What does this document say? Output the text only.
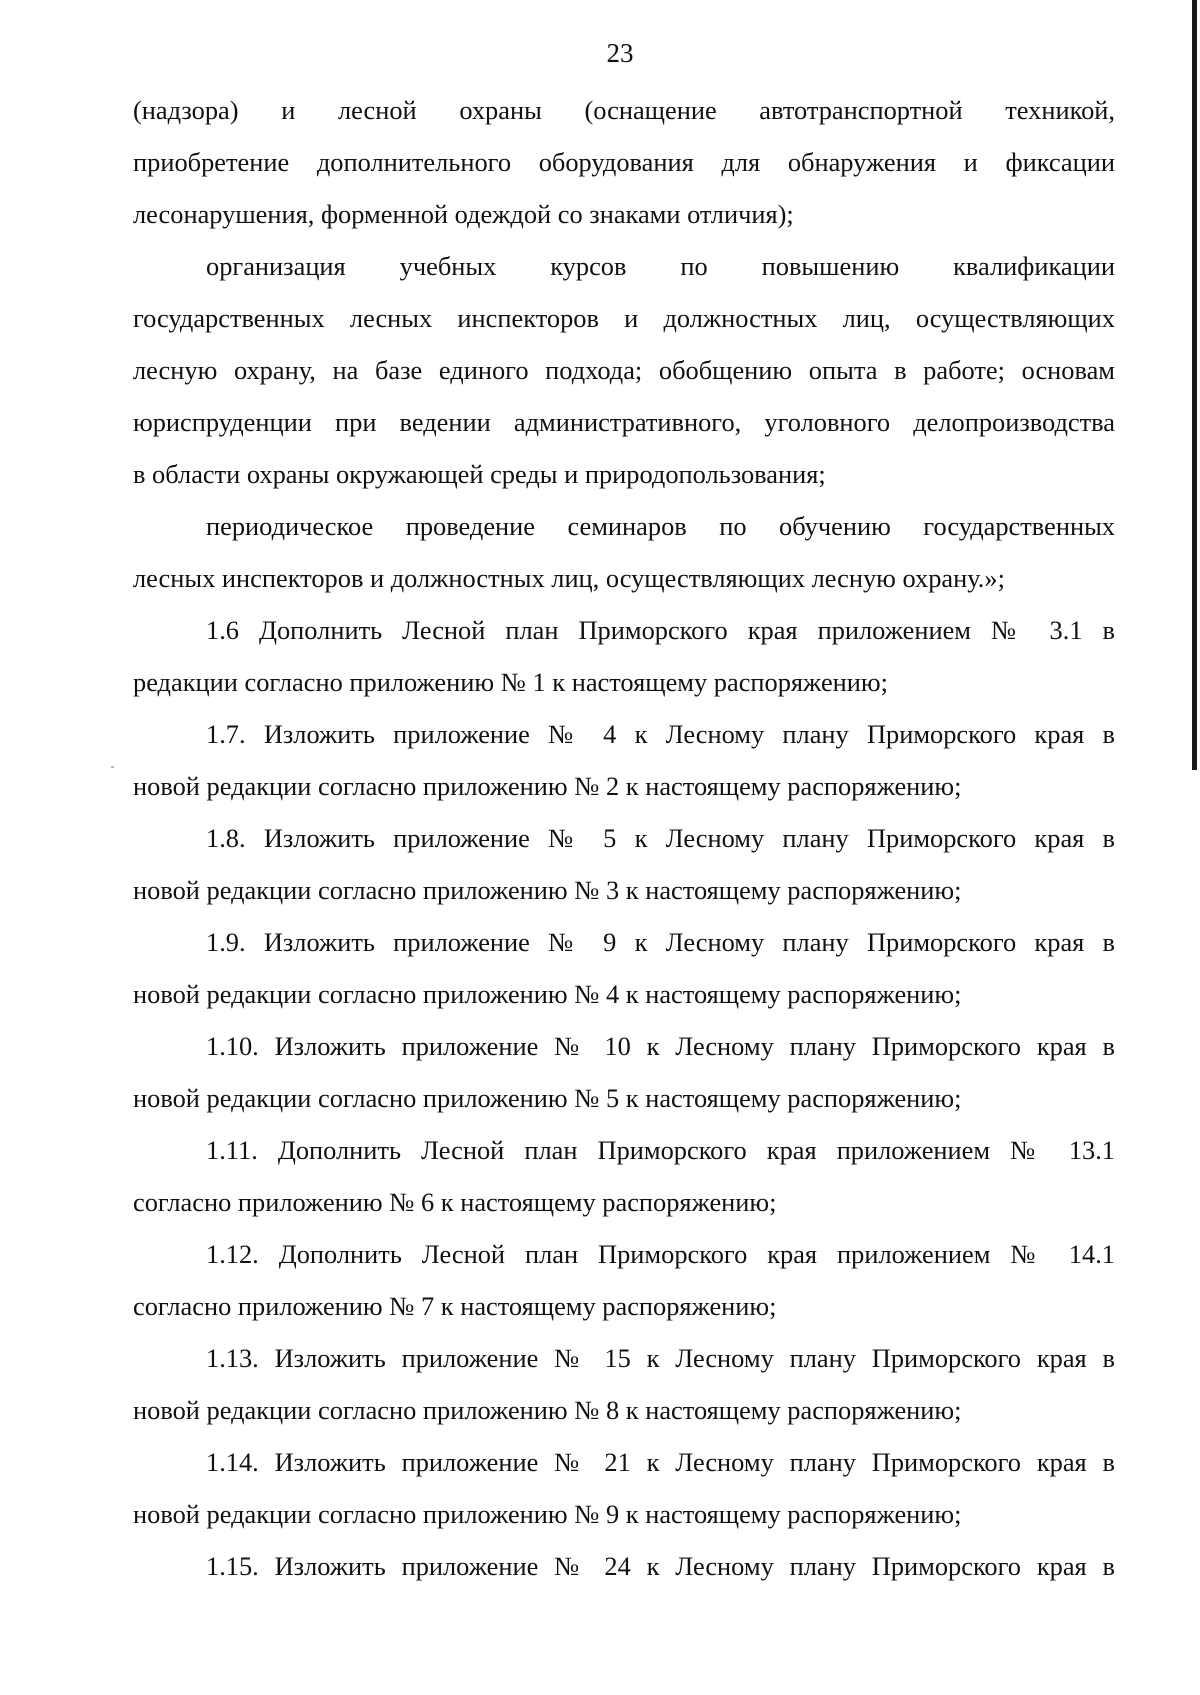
23
(надзора) и лесной охраны (оснащение автотранспортной техникой,
приобретение дополнительного оборудования для обнаружения и фиксации
лесонарушения, форменной одеждой со знаками отличия);
организация учебных курсов по повышению квалификации
государственных лесных инспекторов и должностных лиц, осуществляющих
лесную охрану, на базе единого подхода; обобщению опыта в работе; основам
юриспруденции при ведении административного, уголовного делопроизводства
в области охраны окружающей среды и природопользования;
периодическое проведение семинаров по обучению государственных
лесных инспекторов и должностных лиц, осуществляющих лесную охрану.»;
1.6 Дополнить Лесной план Приморского края приложением № 3.1 в
редакции согласно приложению № 1 к настоящему распоряжению;
1.7. Изложить приложение № 4 к Лесному плану Приморского края в
новой редакции согласно приложению № 2 к настоящему распоряжению;
1.8. Изложить приложение № 5 к Лесному плану Приморского края в
новой редакции согласно приложению № 3 к настоящему распоряжению;
1.9. Изложить приложение № 9 к Лесному плану Приморского края в
новой редакции согласно приложению № 4 к настоящему распоряжению;
1.10. Изложить приложение № 10 к Лесному плану Приморского края в
новой редакции согласно приложению № 5 к настоящему распоряжению;
1.11. Дополнить Лесной план Приморского края приложением № 13.1
согласно приложению № 6 к настоящему распоряжению;
1.12. Дополнить Лесной план Приморского края приложением № 14.1
согласно приложению № 7 к настоящему распоряжению;
1.13. Изложить приложение № 15 к Лесному плану Приморского края в
новой редакции согласно приложению № 8 к настоящему распоряжению;
1.14. Изложить приложение № 21 к Лесному плану Приморского края в
новой редакции согласно приложению № 9 к настоящему распоряжению;
1.15. Изложить приложение № 24 к Лесному плану Приморского края в
